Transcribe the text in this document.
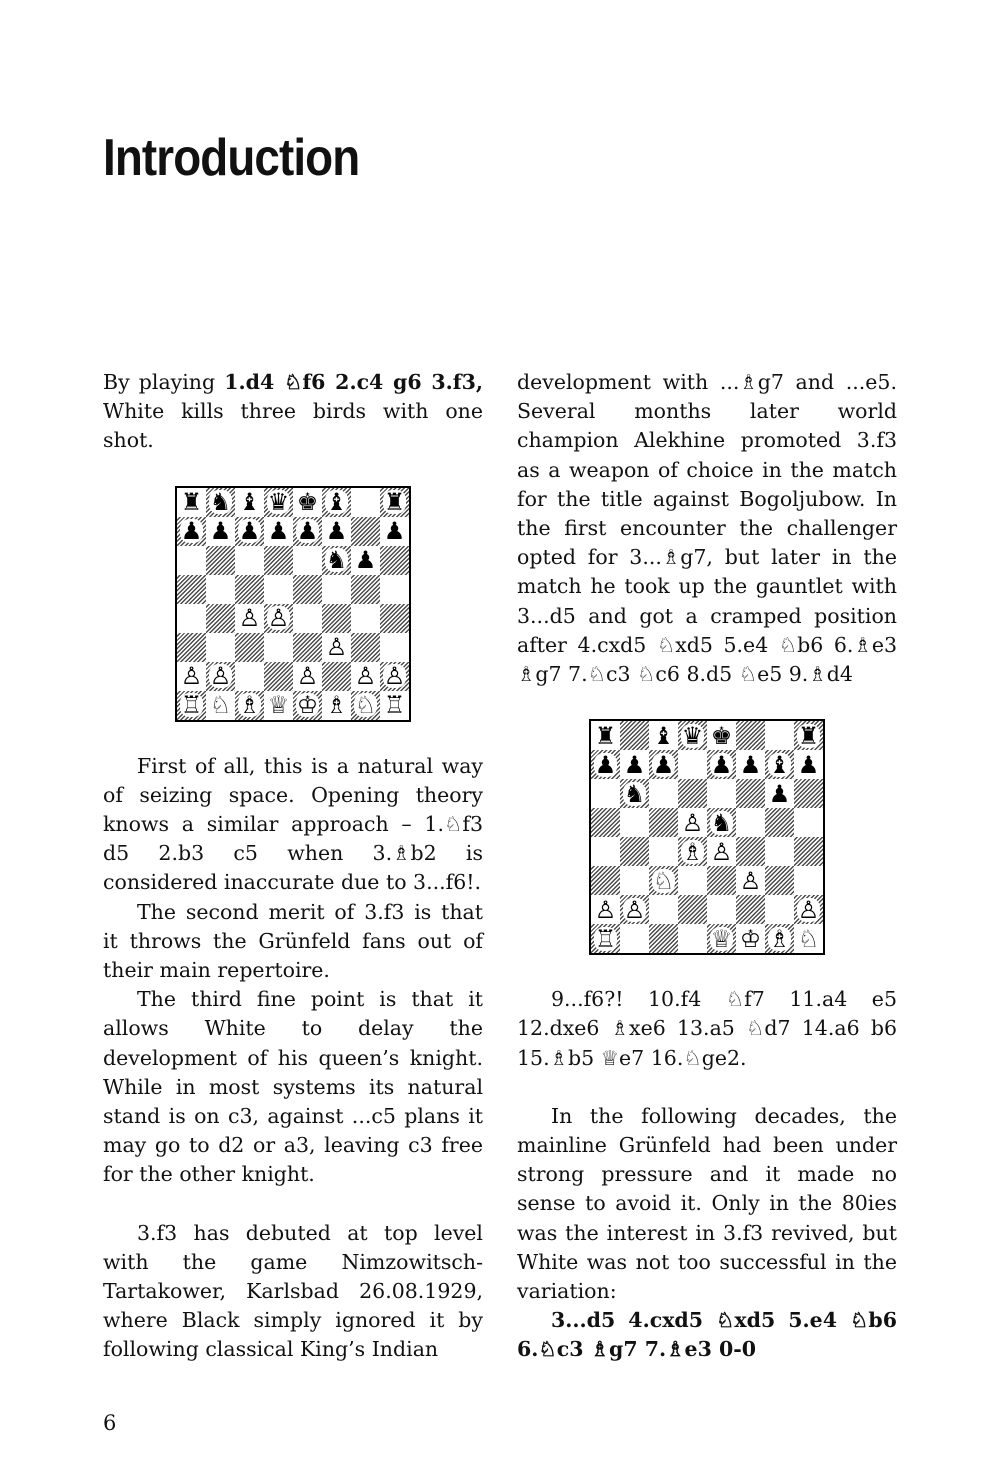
Introduction

By playing 1.d4 ♘f6 2.c4 g6 3.f3, White kills three birds with one shot.

♜ ♞ ♝ ♛ ♚ ♝ ♜
♟ ♟ ♟ ♟ ♟ ♟ ♟
♞ ♟
♙ ♙
♙
♙ ♙	♙ ♙ ♙
♖ ♘ ♗ ♕ ♔ ♗ ♘ ♖

First of all, this is a natural way of seizing space. Opening theory knows a similar approach – 1.♘f3 d5 2.b3 c5 when 3.♗b2 is considered inaccurate due to 3...f6!.

The second merit of 3.f3 is that it throws the Grünfeld fans out of their main repertoire.

The third fine point is that it allows White to delay the development of his queen’s knight. While in most systems its natural stand is on c3, against ...c5 plans it may go to d2 or a3, leaving c3 free for the other knight.

3.f3 has debuted at top level with the game Nimzowitsch-Tartakower, Karlsbad 26.08.1929, where Black simply ignored it by following classical King’s Indian

development with ...♗g7 and ...e5. Several months later world champion Alekhine promoted 3.f3 as a weapon of choice in the match for the title against Bogoljubow. In the first encounter the challenger opted for 3...♗g7, but later in the match he took up the gauntlet with 3...d5 and got a cramped position after 4.cxd5 ♘xd5 5.e4 ♘b6 6.♗e3 ♗g7 7.♘c3 ♘c6 8.d5 ♘e5 9.♗d4

♜ ♝ ♛ ♚	♜
♟ ♟ ♟ ♟ ♟ ♝ ♟
♞	♟
♙ ♞
♗ ♙
♘	♙
♙ ♙	♙
♖	♕ ♔ ♗ ♘

9...f6?! 10.f4 ♘f7 11.a4 e5 12.dxe6 ♗xe6 13.a5 ♘d7 14.a6 b6 15.♗b5 ♕e7 16.♘ge2.

In the following decades, the mainline Grünfeld had been under strong pressure and it made no sense to avoid it. Only in the 80ies was the interest in 3.f3 revived, but White was not too successful in the variation:

3...d5 4.cxd5 ♘xd5 5.e4 ♘b6 6.♘c3 ♗g7 7.♗e3 0-0

6
